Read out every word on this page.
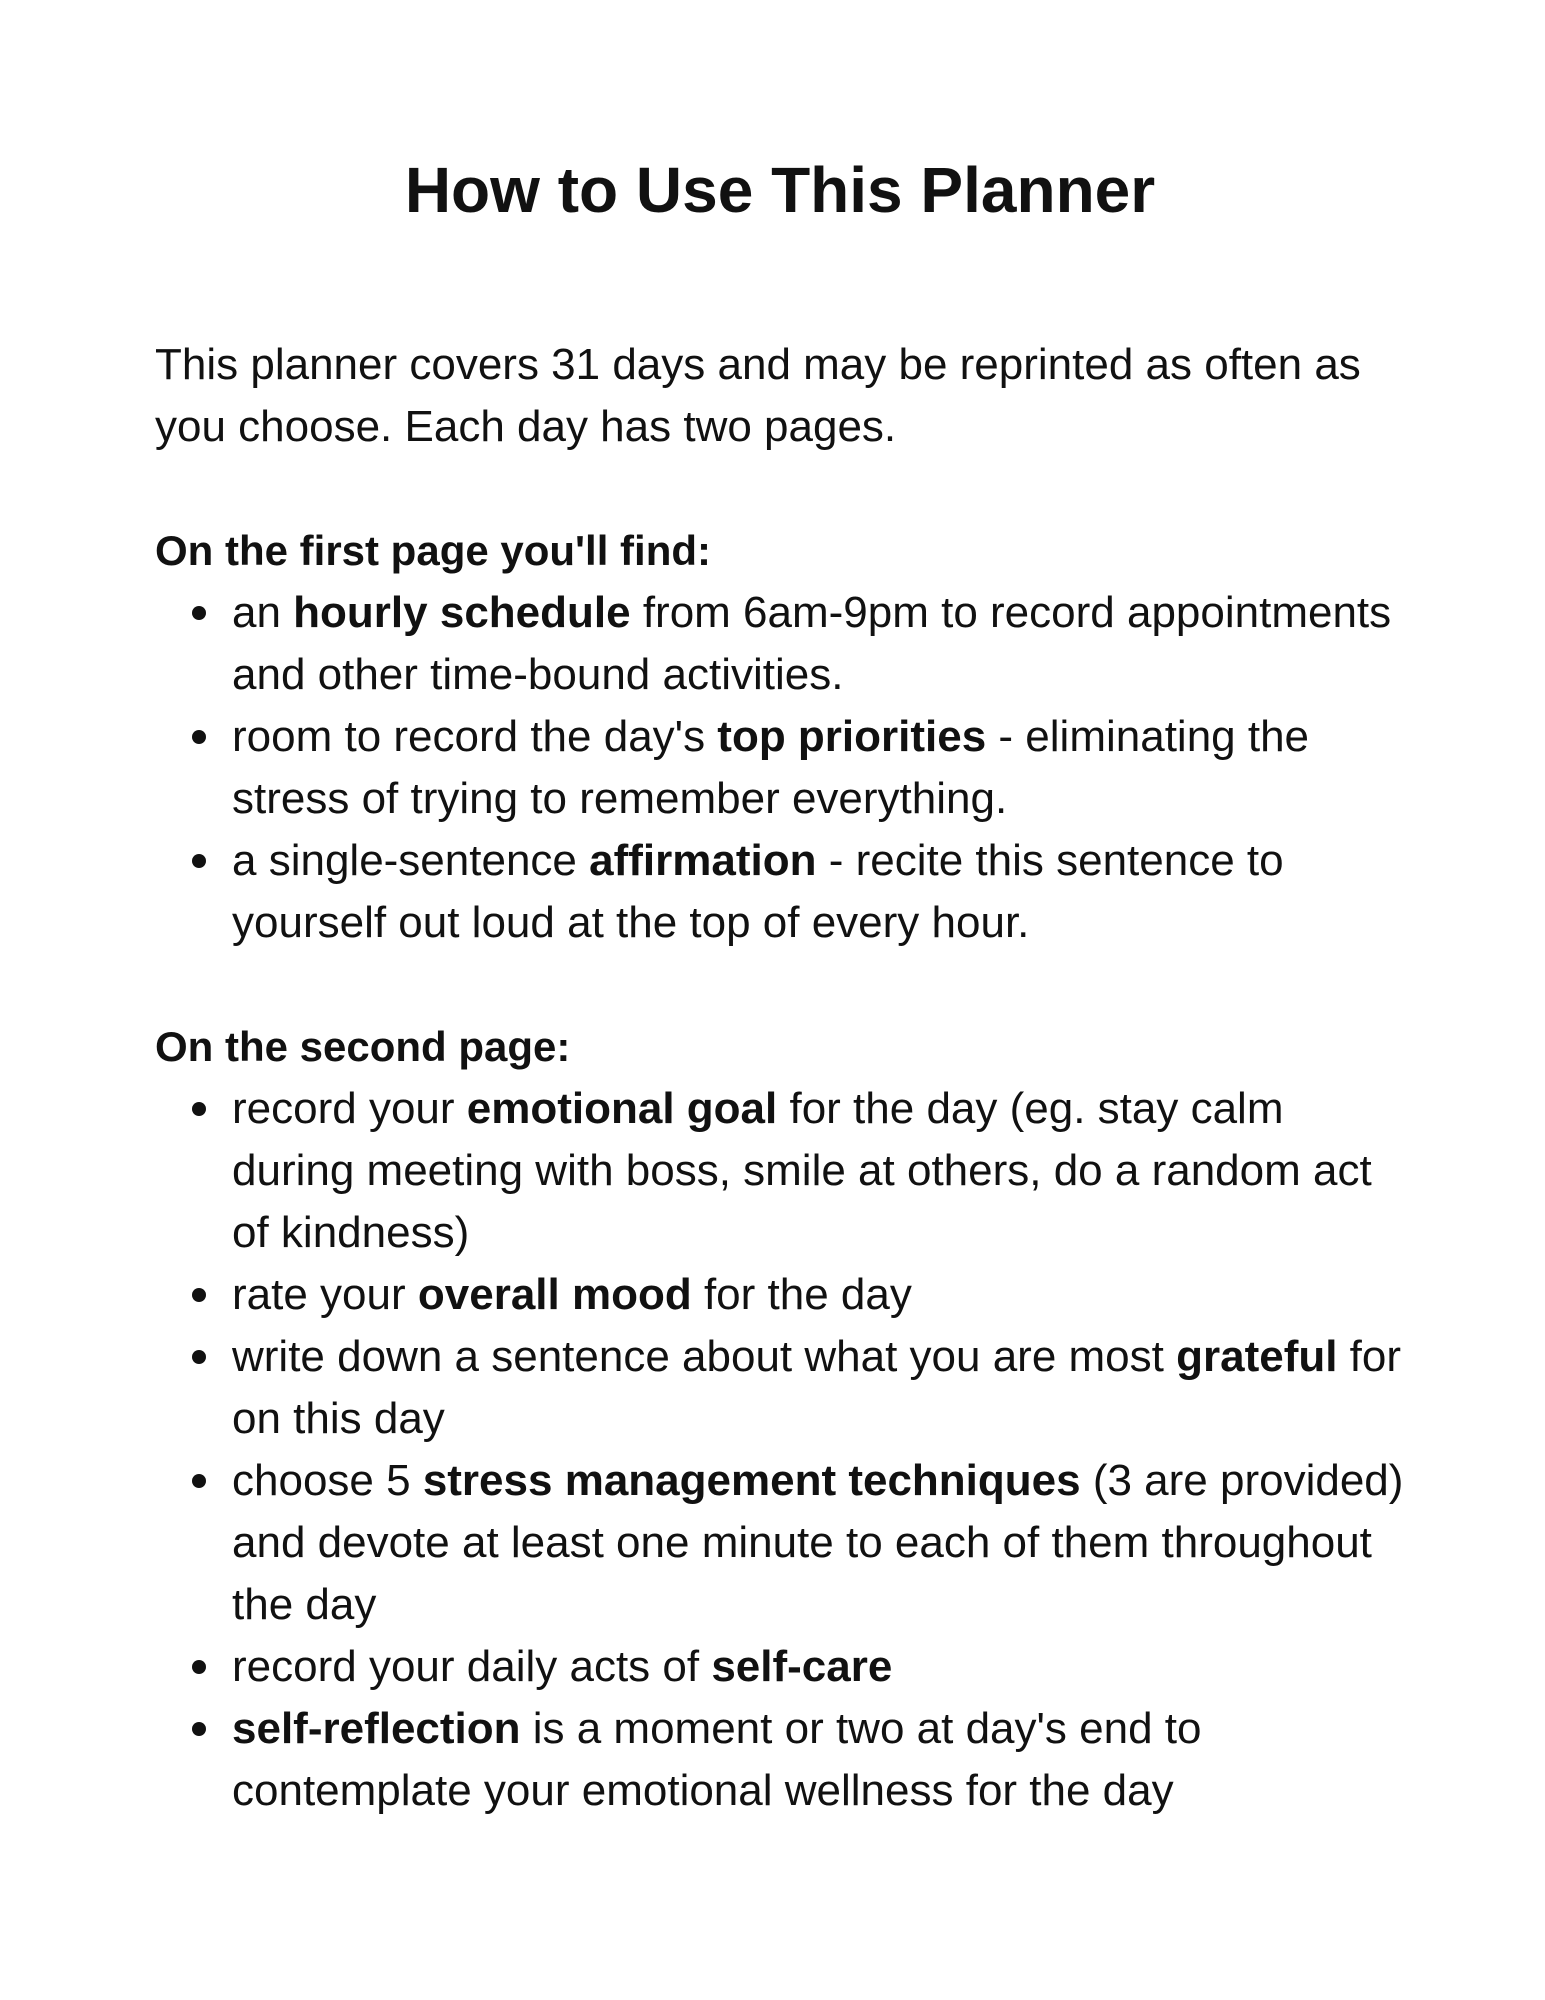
How to Use This Planner

This planner covers 31 days and may be reprinted as often as you choose. Each day has two pages.

On the first page you'll find:
an hourly schedule from 6am-9pm to record appointments and other time-bound activities.
room to record the day's top priorities - eliminating the stress of trying to remember everything.
a single-sentence affirmation - recite this sentence to yourself out loud at the top of every hour.
On the second page:
record your emotional goal for the day (eg. stay calm during meeting with boss, smile at others, do a random act of kindness)
rate your overall mood for the day
write down a sentence about what you are most grateful for on this day
choose 5 stress management techniques (3 are provided) and devote at least one minute to each of them throughout the day
record your daily acts of self-care
self-reflection is a moment or two at day's end to contemplate your emotional wellness for the day
